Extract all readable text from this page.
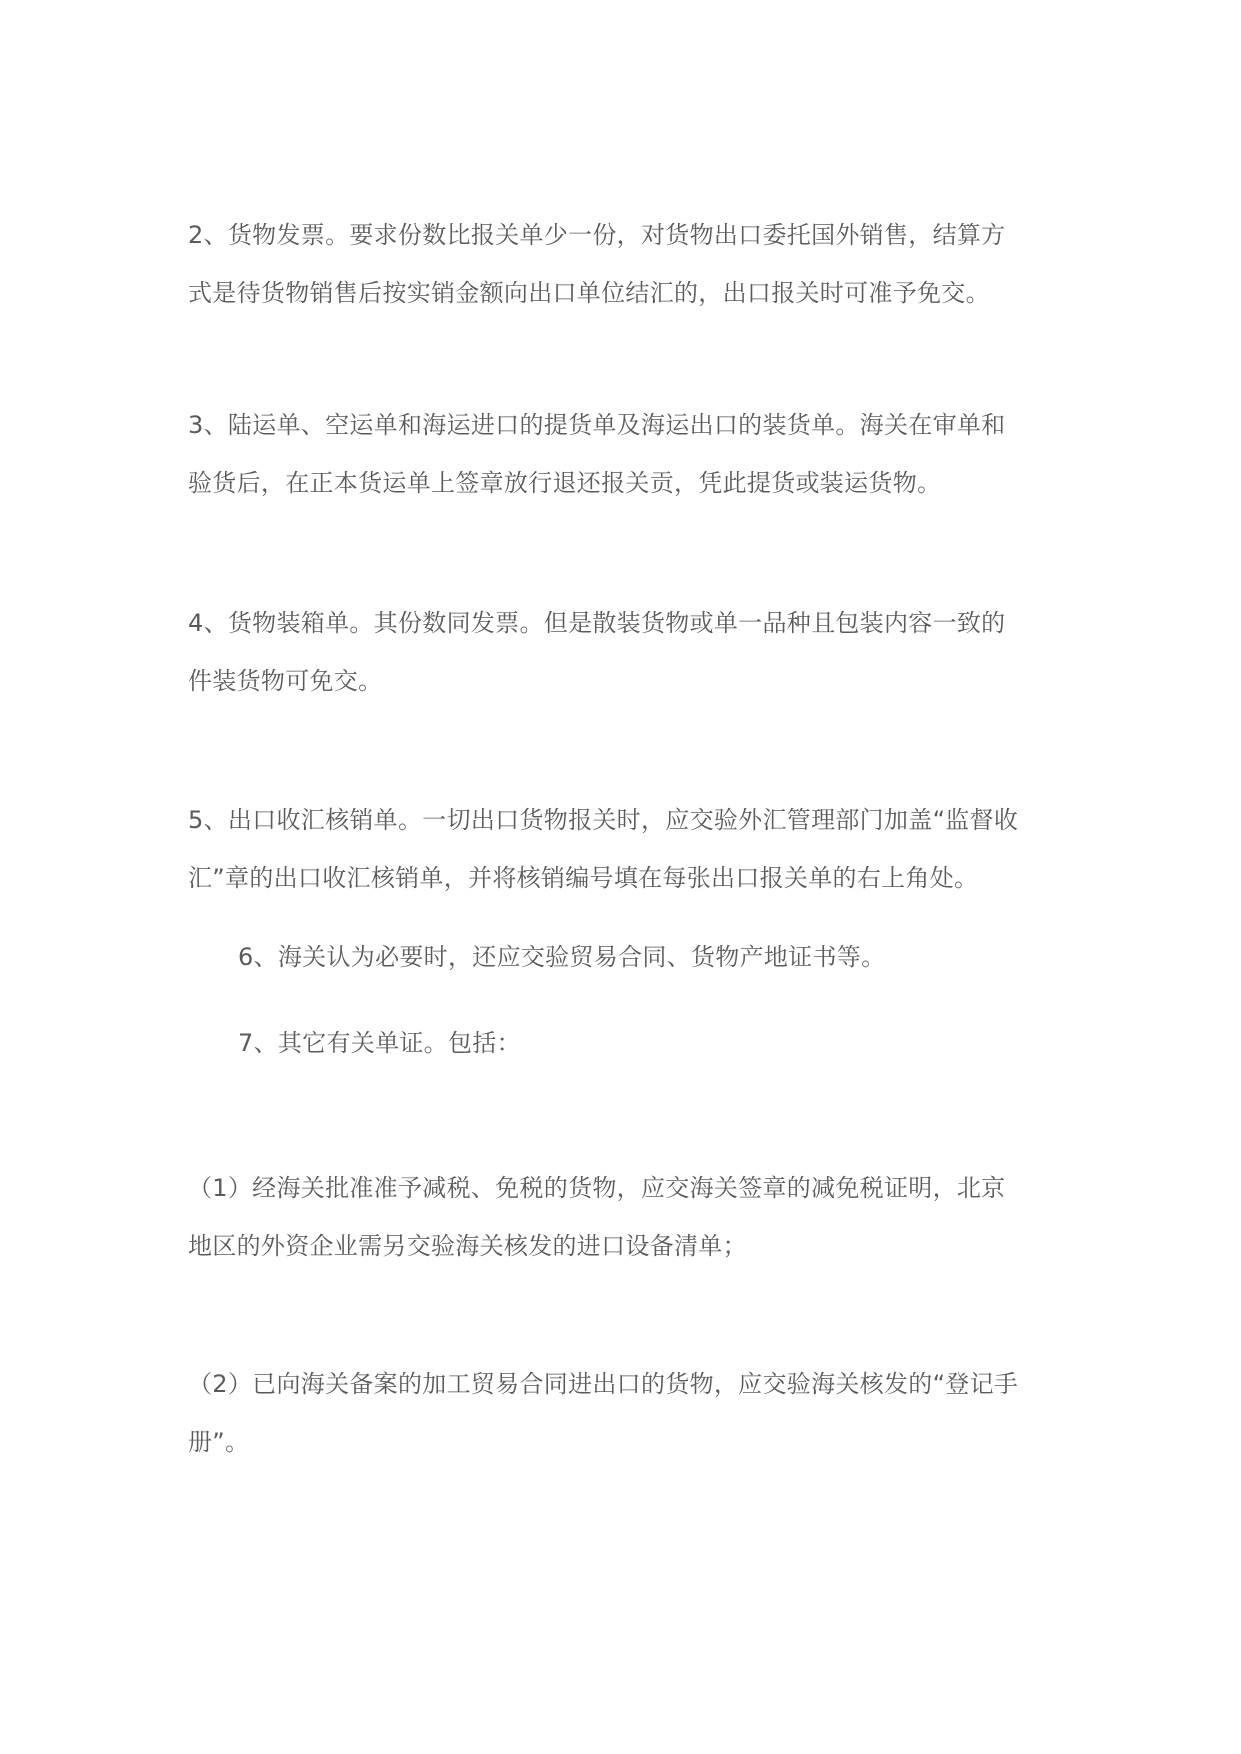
2、货物发票。要求份数比报关单少一份，对货物出口委托国外销售，结算方
式是待货物销售后按实销金额向出口单位结汇的，出口报关时可准予免交。
3、陆运单、空运单和海运进口的提货单及海运出口的装货单。海关在审单和
验货后，在正本货运单上签章放行退还报关贡，凭此提货或装运货物。
4、货物装箱单。其份数同发票。但是散装货物或单一品种且包装内容一致的
件装货物可免交。
5、出口收汇核销单。一切出口货物报关时，应交验外汇管理部门加盖“监督收
汇”章的出口收汇核销单，并将核销编号填在每张出口报关单的右上角处。
6、海关认为必要时，还应交验贸易合同、货物产地证书等。
7、其它有关单证。包括：
（1）经海关批准准予减税、免税的货物，应交海关签章的减免税证明，北京
地区的外资企业需另交验海关核发的进口设备清单；
（2）已向海关备案的加工贸易合同进出口的货物，应交验海关核发的“登记手
册”。
